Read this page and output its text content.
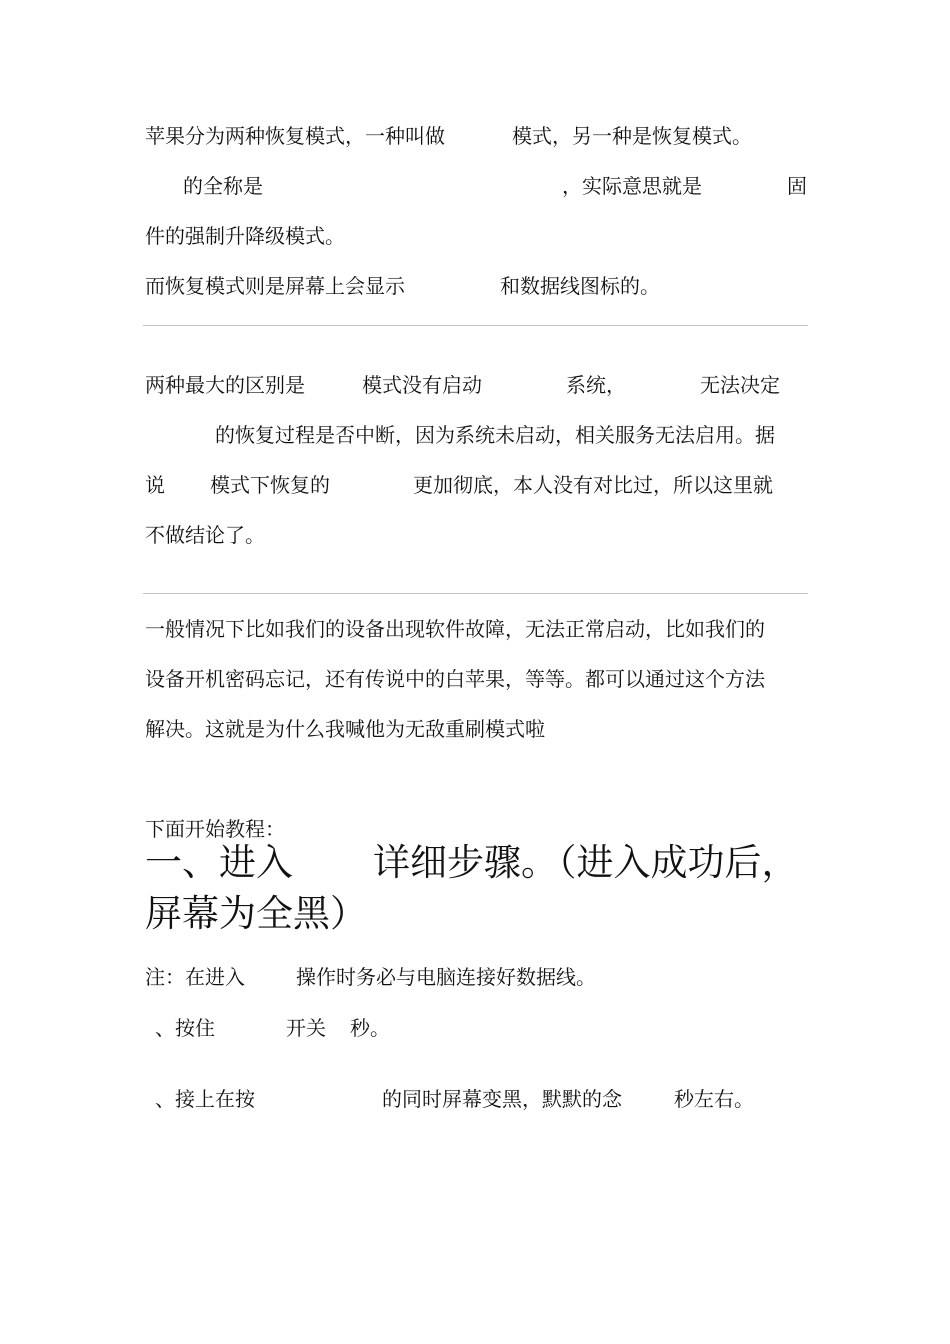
苹果分为两种恢复模式，一种叫做	模式，另一种是恢复模式。

的全称是	，实际意思就是	固

件的强制升降级模式。

而恢复模式则是屏幕上会显示	和数据线图标的。

两种最大的区别是	模式没有启动	系统，	无法决定

的恢复过程是否中断，因为系统未启动，相关服务无法启用。据

说 模式下恢复的	更加彻底，本人没有对比过，所以这里就

不做结论了。

一般情况下比如我们的设备出现软件故障，无法正常启动，比如我们的

设备开机密码忘记，还有传说中的白苹果，等等。都可以通过这个方法

解决。这就是为什么我喊他为无敌重刷模式啦

下面开始教程：

一、进入 详细步骤。（进入成功后，

屏幕为全黑）

注：在进入	操作时务必与电脑连接好数据线。

、按住	开关 秒。

、接上在按	的同时屏幕变黑，默默的念	秒左右。
